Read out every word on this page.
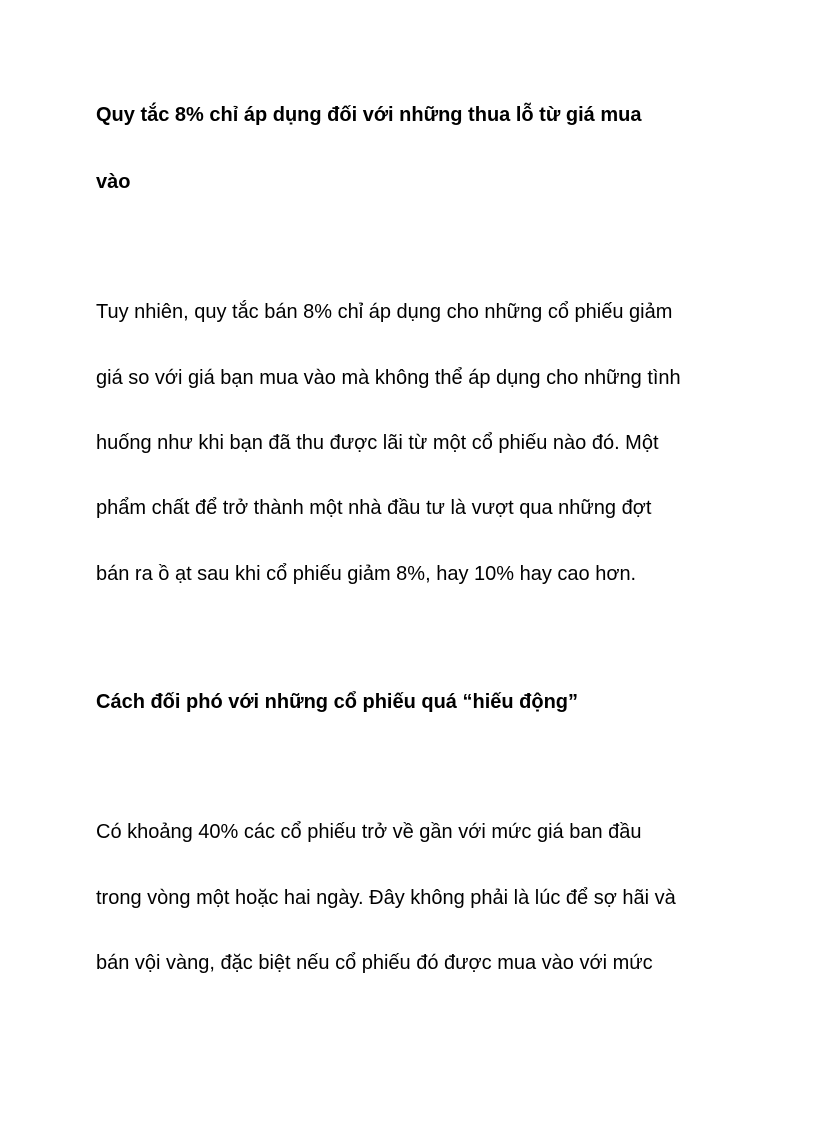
Quy tắc 8% chỉ áp dụng đối với những thua lỗ từ giá mua

vào

Tuy nhiên, quy tắc bán 8% chỉ áp dụng cho những cổ phiếu giảm

giá so với giá bạn mua vào mà không thể áp dụng cho những tình

huống như khi bạn đã thu được lãi từ một cổ phiếu nào đó. Một

phẩm chất để trở thành một nhà đầu tư là vượt qua những đợt

bán ra ồ ạt sau khi cổ phiếu giảm 8%, hay 10% hay cao hơn.

Cách đối phó với những cổ phiếu quá “hiếu động”

Có khoảng 40% các cổ phiếu trở về gần với mức giá ban đầu

trong vòng một hoặc hai ngày. Đây không phải là lúc để sợ hãi và

bán vội vàng, đặc biệt nếu cổ phiếu đó được mua vào với mức
